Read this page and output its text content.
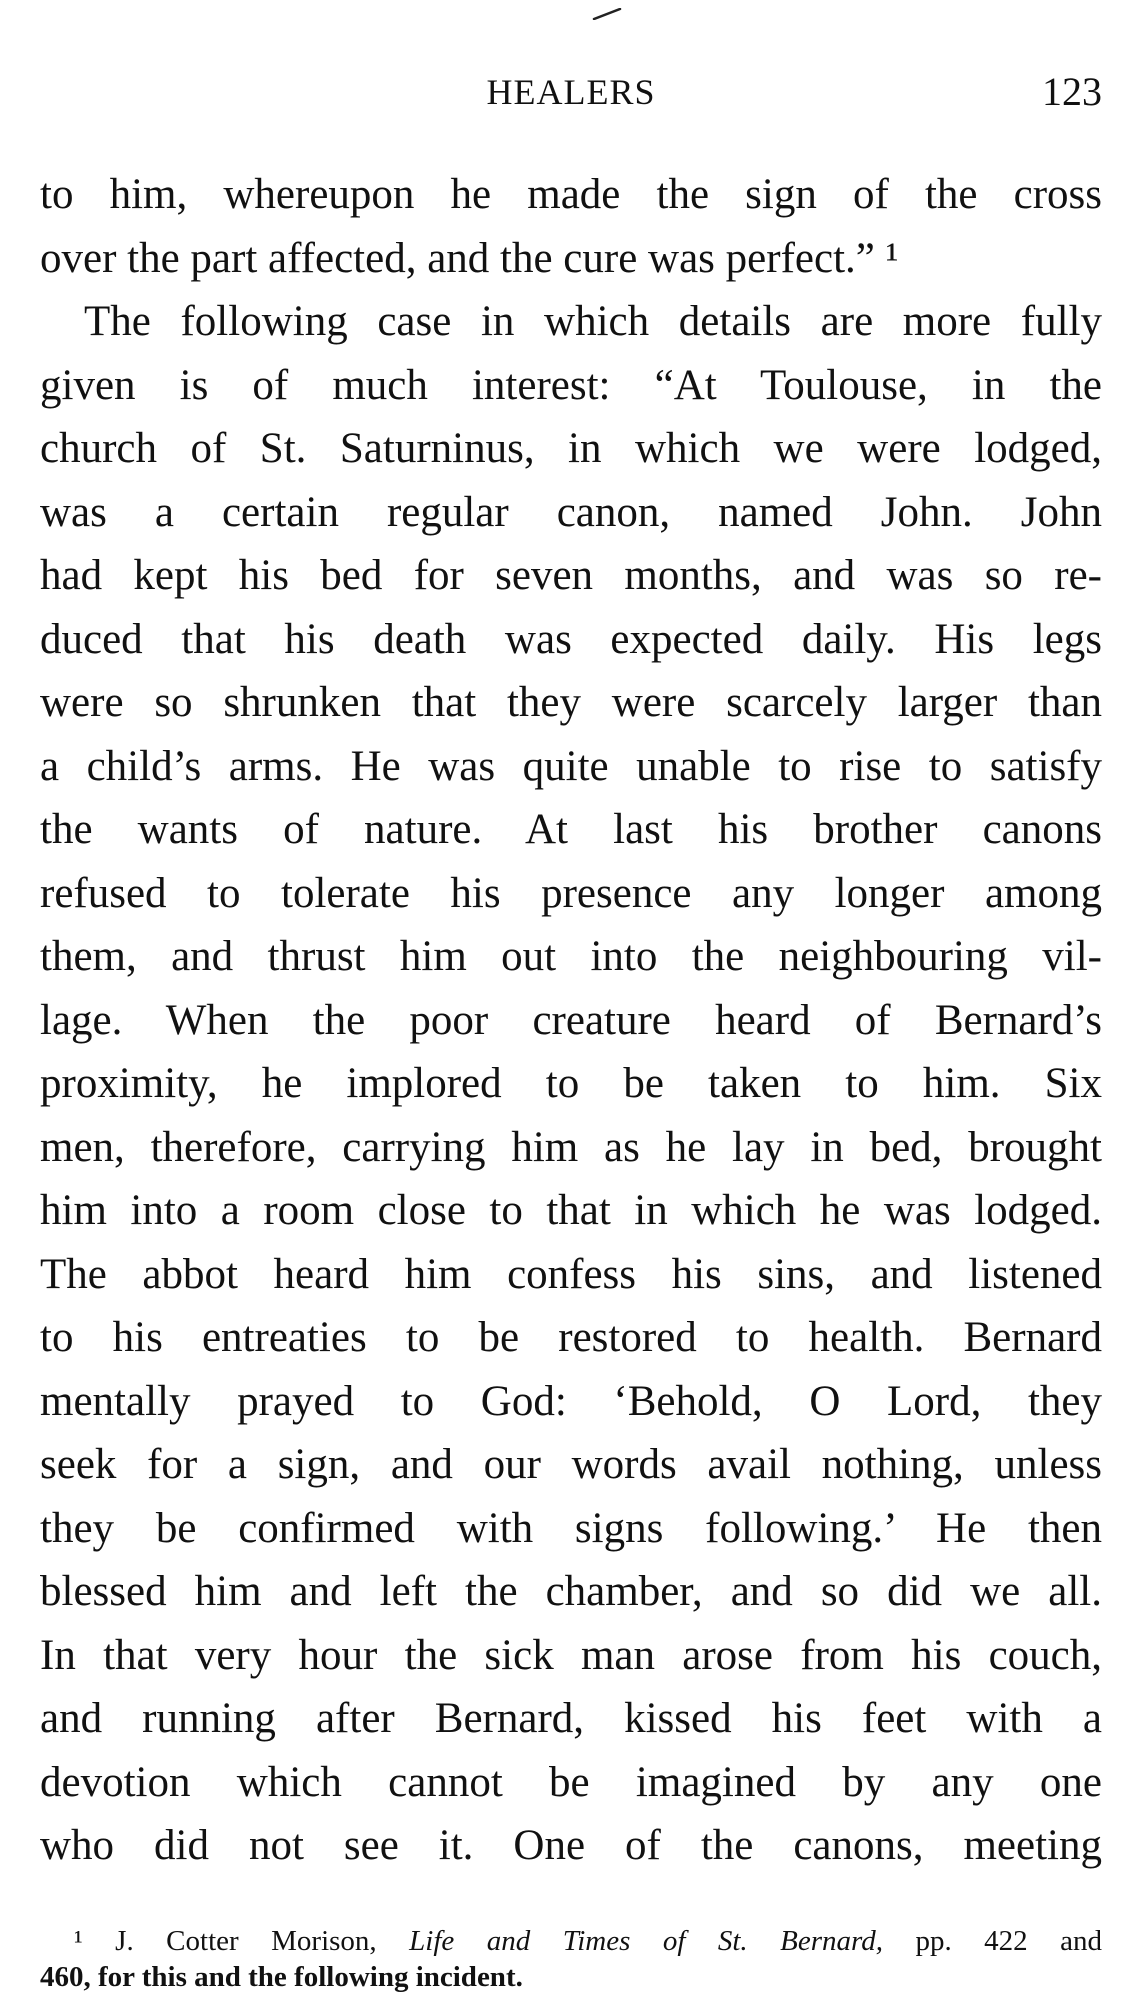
HEALERS	123
to him, whereupon he made the sign of the cross
over the part affected, and the cure was perfect.” ¹
The following case in which details are more fully
given is of much interest: “At Toulouse, in the
church of St. Saturninus, in which we were lodged,
was a certain regular canon, named John. John
had kept his bed for seven months, and was so re-
duced that his death was expected daily. His legs
were so shrunken that they were scarcely larger than
a child’s arms. He was quite unable to rise to satisfy
the wants of nature. At last his brother canons
refused to tolerate his presence any longer among
them, and thrust him out into the neighbouring vil-
lage. When the poor creature heard of Bernard’s
proximity, he implored to be taken to him. Six
men, therefore, carrying him as he lay in bed, brought
him into a room close to that in which he was lodged.
The abbot heard him confess his sins, and listened
to his entreaties to be restored to health. Bernard
mentally prayed to God: ‘Behold, O Lord, they
seek for a sign, and our words avail nothing, unless
they be confirmed with signs following.’ He then
blessed him and left the chamber, and so did we all.
In that very hour the sick man arose from his couch,
and running after Bernard, kissed his feet with a
devotion which cannot be imagined by any one
who did not see it. One of the canons, meeting
¹ J. Cotter Morison, Life and Times of St. Bernard, pp. 422 and
460, for this and the following incident.
